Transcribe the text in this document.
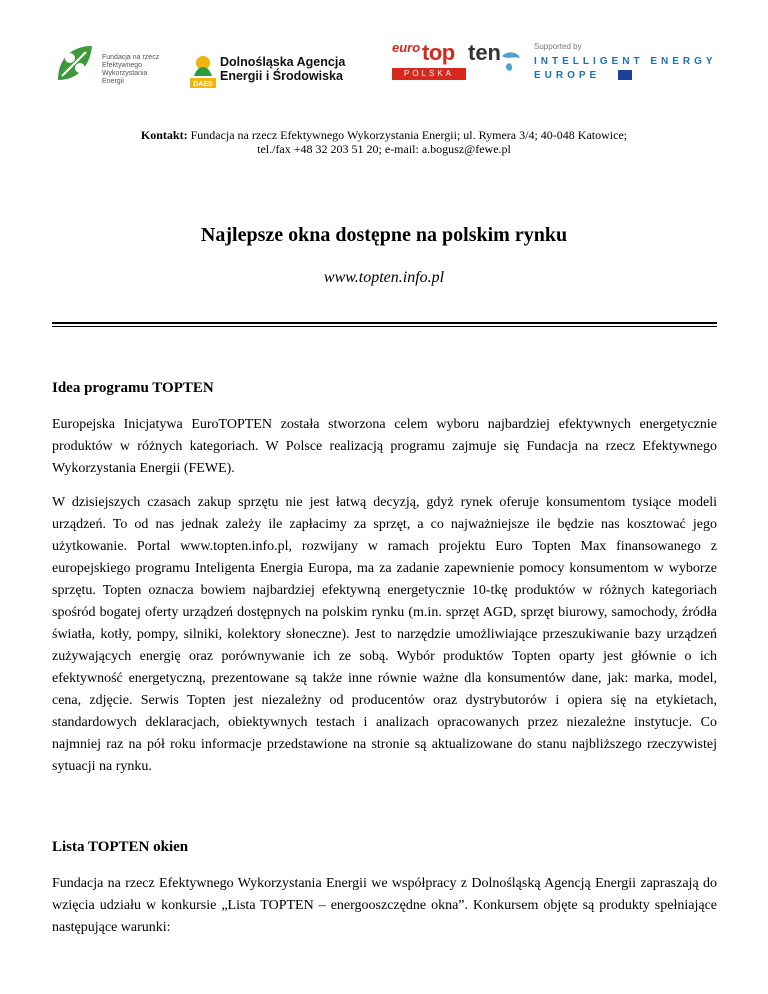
Fundacja na rzecz
Efektywnego
Wykorzystania
Energii	DAES
Dolnośląska Agencja
Energii i Środowiska
euro top ten
POLSKA
Supported by
INTELLIGENT ENERGY
EUROPE
Kontakt: Fundacja na rzecz Efektywnego Wykorzystania Energii; ul. Rymera 3/4; 40-048 Katowice;
tel./fax +48 32 203 51 20; e-mail: a.bogusz@fewe.pl
Najlepsze okna dostępne na polskim rynku
www.topten.info.pl
Idea programu TOPTEN

Europejska Inicjatywa EuroTOPTEN została stworzona celem wyboru najbardziej efektywnych energetycznie produktów w różnych kategoriach. W Polsce realizacją programu zajmuje się Fundacja na rzecz Efektywnego Wykorzystania Energii (FEWE).

W dzisiejszych czasach zakup sprzętu nie jest łatwą decyzją, gdyż rynek oferuje konsumentom tysiące modeli urządzeń. To od nas jednak zależy ile zapłacimy za sprzęt, a co najważniejsze ile będzie nas kosztować jego użytkowanie. Portal www.topten.info.pl, rozwijany w ramach projektu Euro Topten Max finansowanego z europejskiego programu Inteligenta Energia Europa, ma za zadanie zapewnienie pomocy konsumentom w wyborze sprzętu. Topten oznacza bowiem najbardziej efektywną energetycznie 10-tkę produktów w różnych kategoriach spośród bogatej oferty urządzeń dostępnych na polskim rynku (m.in. sprzęt AGD, sprzęt biurowy, samochody, źródła światła, kotły, pompy, silniki, kolektory słoneczne). Jest to narzędzie umożliwiające przeszukiwanie bazy urządzeń zużywających energię oraz porównywanie ich ze sobą. Wybór produktów Topten oparty jest głównie o ich efektywność energetyczną, prezentowane są także inne równie ważne dla konsumentów dane, jak: marka, model, cena, zdjęcie. Serwis Topten jest niezależny od producentów oraz dystrybutorów i opiera się na etykietach, standardowych deklaracjach, obiektywnych testach i analizach opracowanych przez niezależne instytucje. Co najmniej raz na pół roku informacje przedstawione na stronie są aktualizowane do stanu najbliższego rzeczywistej sytuacji na rynku.

Lista TOPTEN okien

Fundacja na rzecz Efektywnego Wykorzystania Energii we współpracy z Dolnośląską Agencją Energii zapraszają do wzięcia udziału w konkursie „Lista TOPTEN – energooszczędne okna”. Konkursem objęte są produkty spełniające następujące warunki:
